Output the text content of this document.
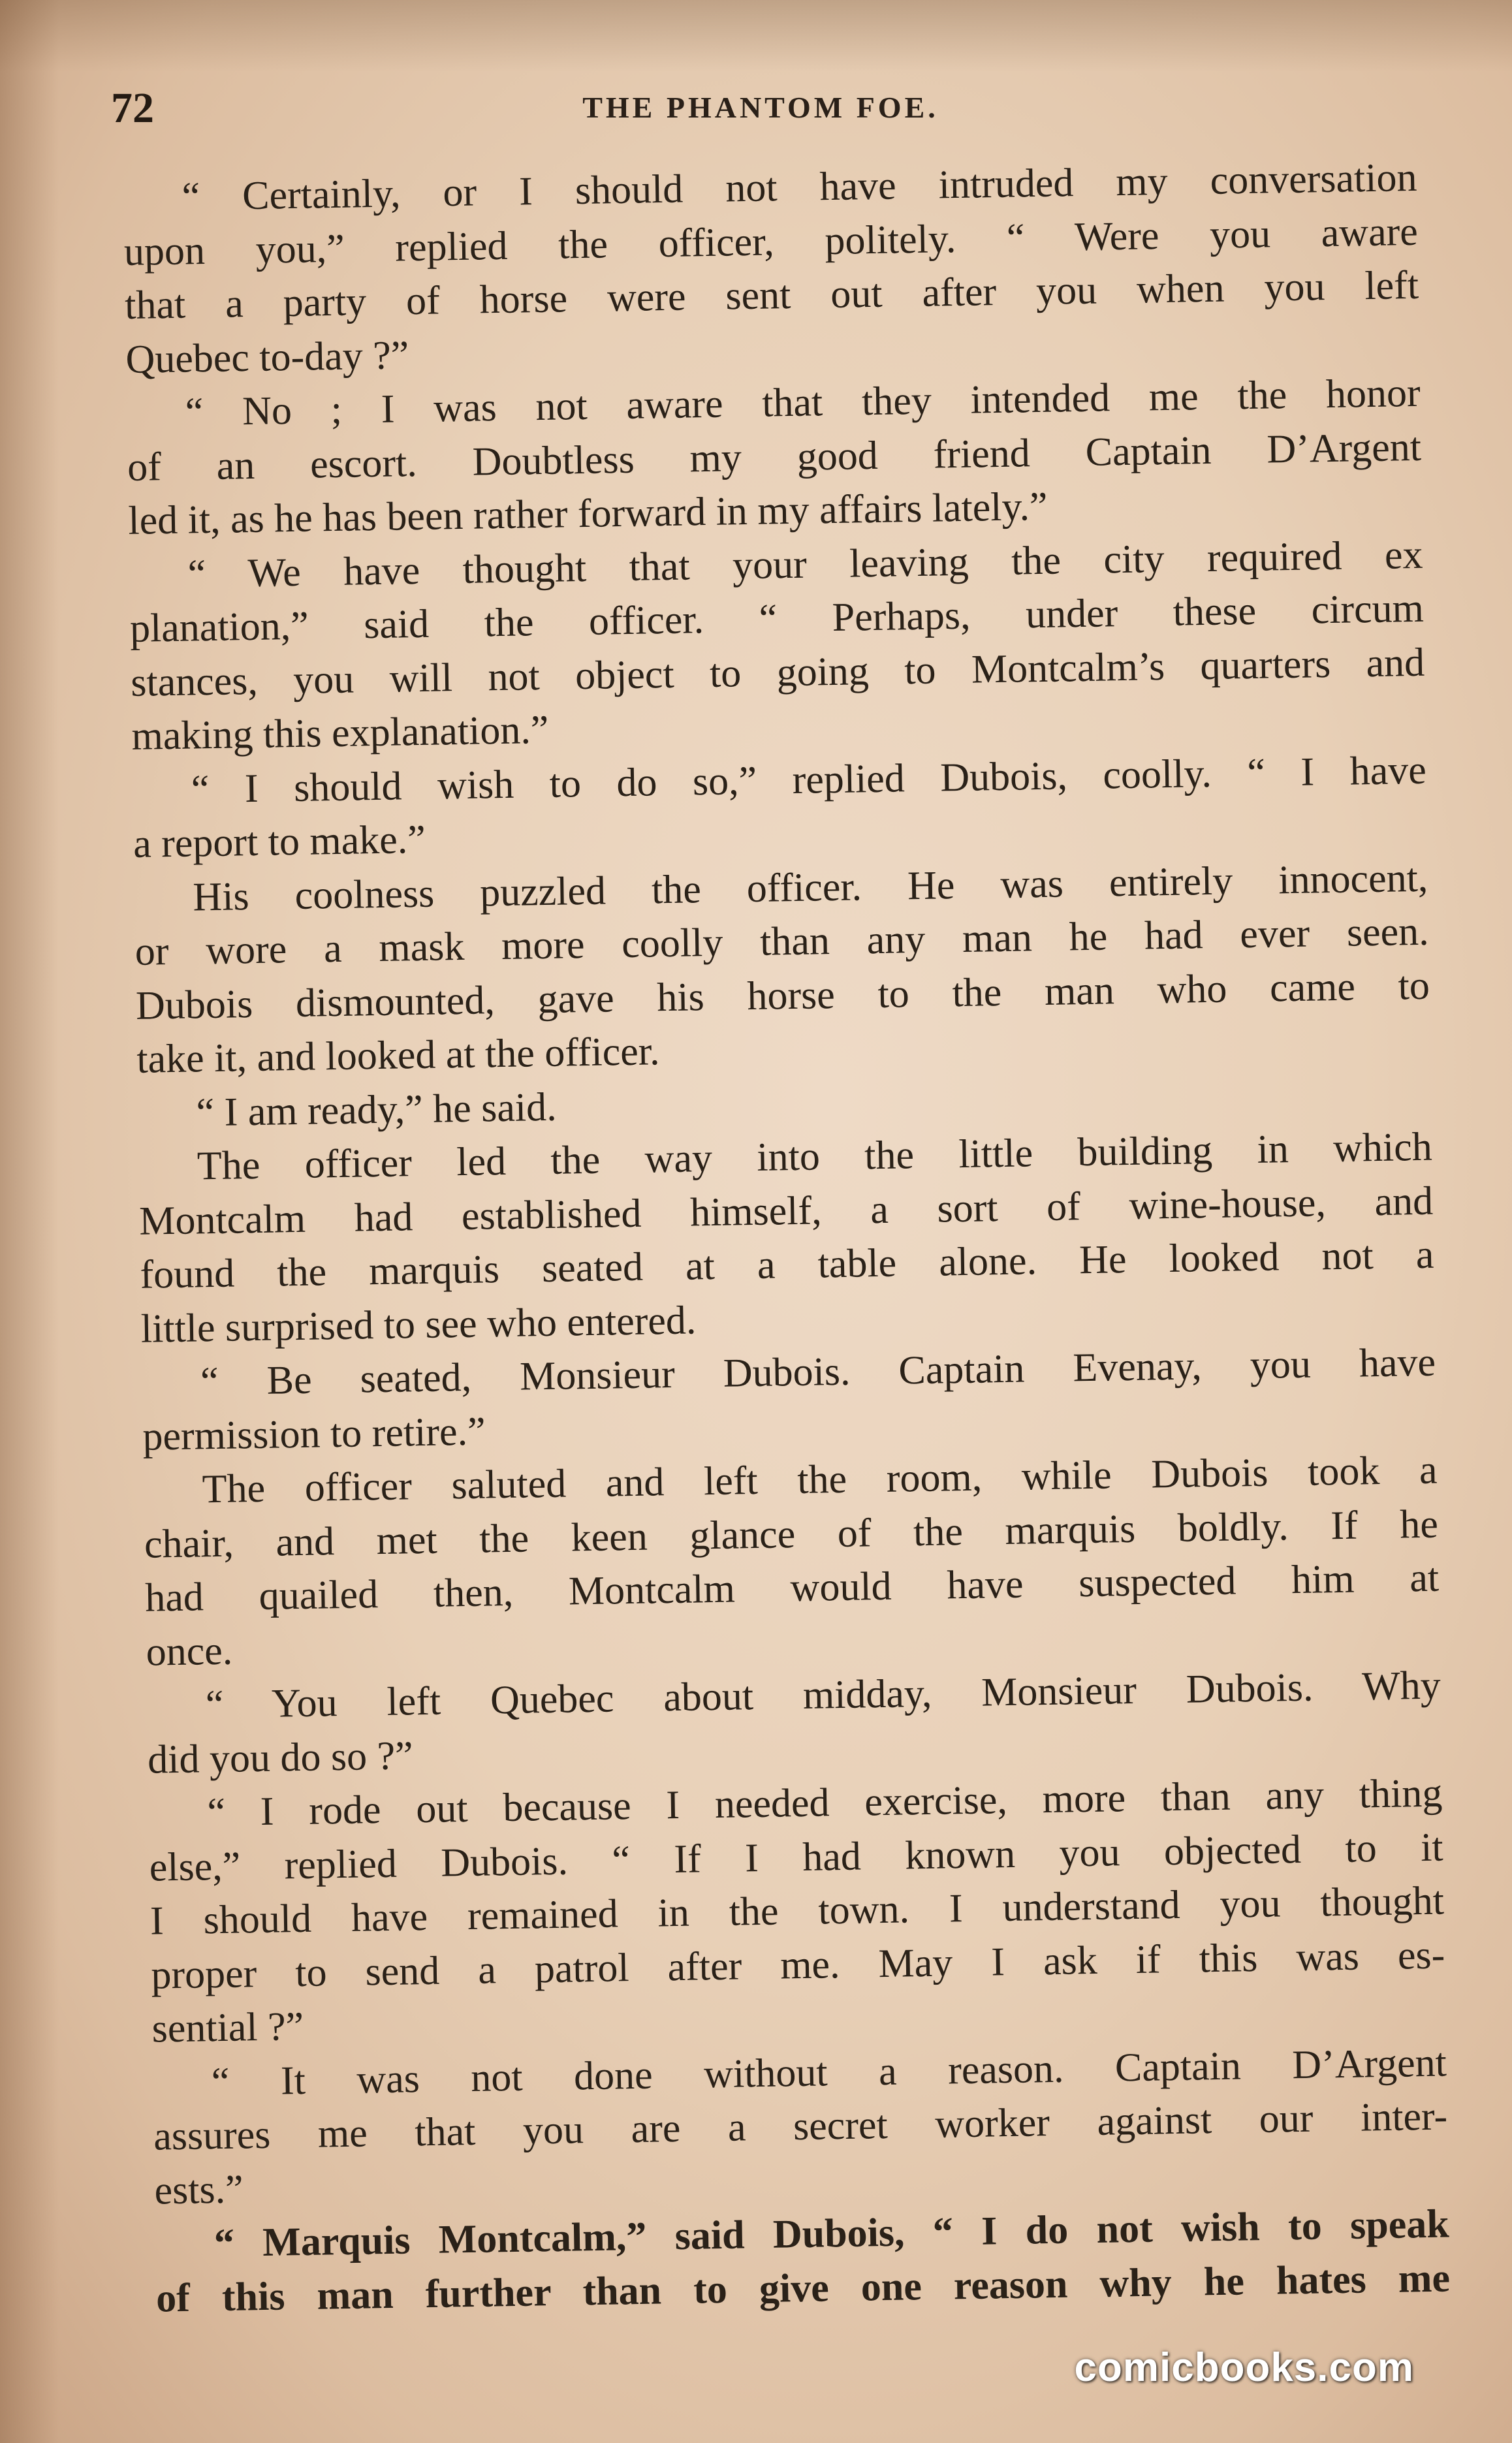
72	THE PHANTOM FOE.
“ Certainly, or I should not have intruded my conversation
upon you,” replied the officer, politely. “ Were you aware
that a party of horse were sent out after you when you left
Quebec to-day ?”
“ No ; I was not aware that they intended me the honor
of an escort. Doubtless my good friend Captain D’Argent
led it, as he has been rather forward in my affairs lately.”
“ We have thought that your leaving the city required ex
planation,” said the officer. “ Perhaps, under these circum
stances, you will not object to going to Montcalm’s quarters and
making this explanation.”
“ I should wish to do so,” replied Dubois, coolly. “ I have
a report to make.”
His coolness puzzled the officer. He was entirely innocent,
or wore a mask more coolly than any man he had ever seen.
Dubois dismounted, gave his horse to the man who came to
take it, and looked at the officer.
“ I am ready,” he said.
The officer led the way into the little building in which
Montcalm had established himself, a sort of wine-house, and
found the marquis seated at a table alone. He looked not a
little surprised to see who entered.
“ Be seated, Monsieur Dubois. Captain Evenay, you have
permission to retire.”
The officer saluted and left the room, while Dubois took a
chair, and met the keen glance of the marquis boldly. If he
had quailed then, Montcalm would have suspected him at
once.
“ You left Quebec about midday, Monsieur Dubois. Why
did you do so ?”
“ I rode out because I needed exercise, more than any thing
else,” replied Dubois. “ If I had known you objected to it
I should have remained in the town. I understand you thought
proper to send a patrol after me. May I ask if this was es-
sential ?”
“ It was not done without a reason. Captain D’Argent
assures me that you are a secret worker against our inter-
ests.”
“ Marquis Montcalm,” said Dubois, “ I do not wish to speak
of this man further than to give one reason why he hates me
comicbooks.com
